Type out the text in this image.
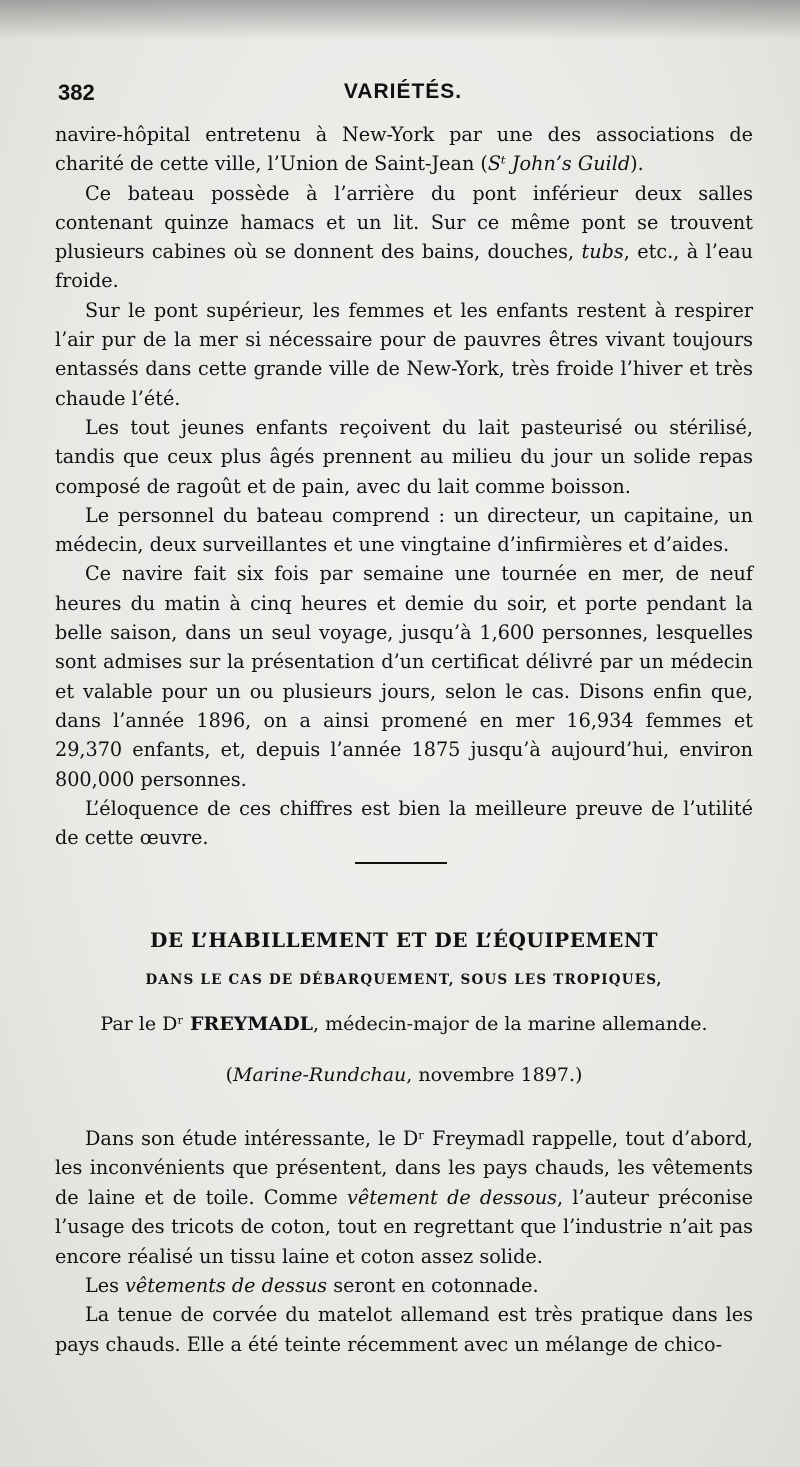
382	VARIÉTÉS.

navire-hôpital entretenu à New-York par une des associations de charité de cette ville, l’Union de Saint-Jean (Sᵗ John’s Guild).

Ce bateau possède à l’arrière du pont inférieur deux salles contenant quinze hamacs et un lit. Sur ce même pont se trouvent plusieurs cabines où se donnent des bains, douches, tubs, etc., à l’eau froide.

Sur le pont supérieur, les femmes et les enfants restent à respirer l’air pur de la mer si nécessaire pour de pauvres êtres vivant toujours entassés dans cette grande ville de New-York, très froide l’hiver et très chaude l’été.

Les tout jeunes enfants reçoivent du lait pasteurisé ou stérilisé, tandis que ceux plus âgés prennent au milieu du jour un solide repas composé de ragoût et de pain, avec du lait comme boisson.

Le personnel du bateau comprend : un directeur, un capitaine, un médecin, deux surveillantes et une vingtaine d’infirmières et d’aides.

Ce navire fait six fois par semaine une tournée en mer, de neuf heures du matin à cinq heures et demie du soir, et porte pendant la belle saison, dans un seul voyage, jusqu’à 1,600 personnes, lesquelles sont admises sur la présentation d’un certificat délivré par un médecin et valable pour un ou plusieurs jours, selon le cas. Disons enfin que, dans l’année 1896, on a ainsi promené en mer 16,934 femmes et 29,370 enfants, et, depuis l’année 1875 jusqu’à aujourd’hui, environ 800,000 personnes.

L’éloquence de ces chiffres est bien la meilleure preuve de l’utilité de cette œuvre.

DE L’HABILLEMENT ET DE L’ÉQUIPEMENT
DANS LE CAS DE DÉBARQUEMENT, SOUS LES TROPIQUES,
Par le Dʳ FREYMADL, médecin-major de la marine allemande.
(Marine-Rundchau, novembre 1897.)

Dans son étude intéressante, le Dʳ Freymadl rappelle, tout d’abord, les inconvénients que présentent, dans les pays chauds, les vêtements de laine et de toile. Comme vêtement de dessous, l’auteur préconise l’usage des tricots de coton, tout en regrettant que l’industrie n’ait pas encore réalisé un tissu laine et coton assez solide.

Les vêtements de dessus seront en cotonnade.

La tenue de corvée du matelot allemand est très pratique dans les pays chauds. Elle a été teinte récemment avec un mélange de chico-
